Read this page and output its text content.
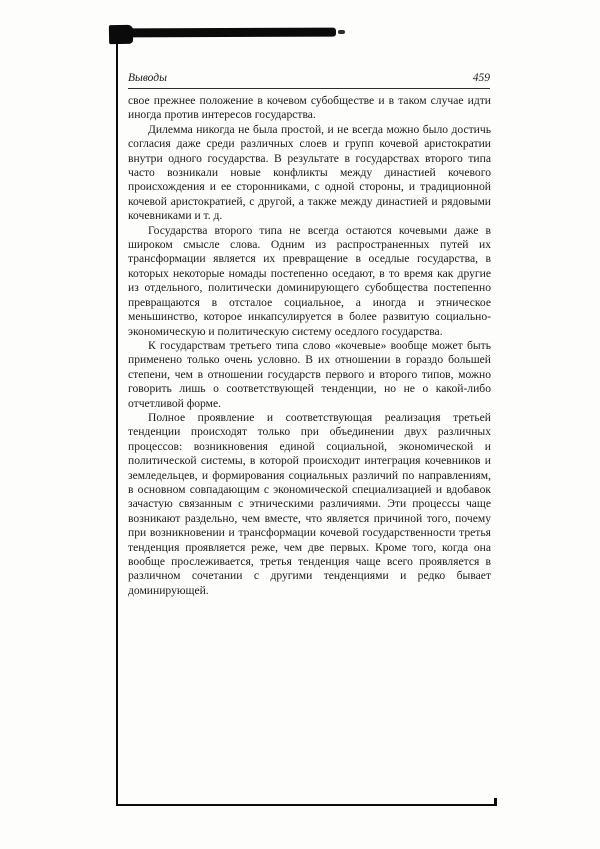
Выводы	459

свое прежнее положение в кочевом субобществе и в таком случае идти иногда против интересов государства.

Дилемма никогда не была простой, и не всегда можно было достичь согласия даже среди различных слоев и групп кочевой аристократии внутри одного государства. В результате в государствах второго типа часто возникали новые конфликты между династией кочевого происхождения и ее сторонниками, с одной стороны, и традиционной кочевой аристократией, с другой, а также между династией и рядовыми кочевниками и т. д.

Государства второго типа не всегда остаются кочевыми даже в широком смысле слова. Одним из распространенных путей их трансформации является их превращение в оседлые государства, в которых некоторые номады постепенно оседают, в то время как другие из отдельного, политически доминирующего субобщества постепенно превращаются в отсталое социальное, а иногда и этническое меньшинство, которое инкапсулируется в более развитую социально-экономическую и политическую систему оседлого государства.

К государствам третьего типа слово «кочевые» вообще может быть применено только очень условно. В их отношении в гораздо большей степени, чем в отношении государств первого и второго типов, можно говорить лишь о соответствующей тенденции, но не о какой-либо отчетливой форме.

Полное проявление и соответствующая реализация третьей тенденции происходят только при объединении двух различных процессов: возникновения единой социальной, экономической и политической системы, в которой происходит интеграция кочевников и земледельцев, и формирования социальных различий по направлениям, в основном совпадающим с экономической специализацией и вдобавок зачастую связанным с этническими различиями. Эти процессы чаще возникают раздельно, чем вместе, что является причиной того, почему при возникновении и трансформации кочевой государственности третья тенденция проявляется реже, чем две первых. Кроме того, когда она вообще прослеживается, третья тенденция чаще всего проявляется в различном сочетании с другими тенденциями и редко бывает доминирующей.
